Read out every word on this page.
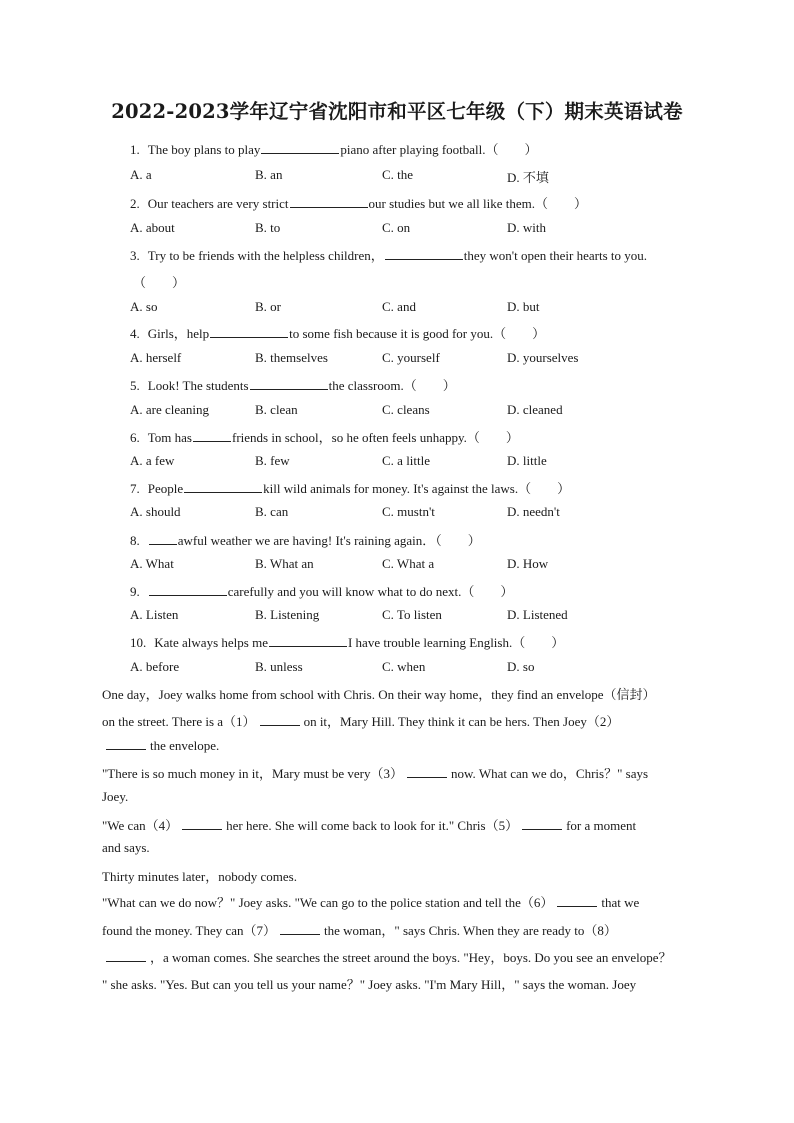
2022-2023学年辽宁省沈阳市和平区七年级（下）期末英语试卷
1. The boy plans to play	piano after playing football.（　　）
A. a	B. an	C. the	D. 不填
2. Our teachers are very strict	our studies but we all like them.（　　）
A. about	B. to	C. on	D. with
3. Try to be friends with the helpless children，	they won't open their hearts to you.
（　　）
A. so	B. or	C. and	D. but
4. Girls，help	to some fish because it is good for you.（　　）
A. herself	B. themselves	C. yourself	D. yourselves
5. Look! The students	the classroom.（　　）
A. are cleaning	B. clean	C. cleans	D. cleaned
6. Tom has	friends in school，so he often feels unhappy.（　　）
A. a few	B. few	C. a little	D. little
7. People	kill wild animals for money. It's against the laws.（　　）
A. should	B. can	C. mustn't	D. needn't
8.	awful weather we are having! It's raining again．（　　）
A. What	B. What an	C. What a	D. How
9.	carefully and you will know what to do next.（　　）
A. Listen	B. Listening	C. To listen	D. Listened
10. Kate always helps me	I have trouble learning English.（　　）
A. before	B. unless	C. when	D. so
One day，Joey walks home from school with Chris. On their way home，they find an envelope（信封）
on the street. There is a（1）	on it，Mary Hill. They think it can be hers. Then Joey（2）
the envelope.
"There is so much money in it，Mary must be very（3）	now. What can we do，Chris？" says
Joey.
"We can（4）	her here. She will come back to look for it." Chris（5）	for a moment
and says.
Thirty minutes later，nobody comes.
"What can we do now？" Joey asks. "We can go to the police station and tell the（6）	that we
found the money. They can（7）	the woman，" says Chris. When they are ready to（8）
，a woman comes. She searches the street around the boys. "Hey，boys. Do you see an envelope？
" she asks. "Yes. But can you tell us your name？" Joey asks. "I'm Mary Hill，" says the woman. Joey
